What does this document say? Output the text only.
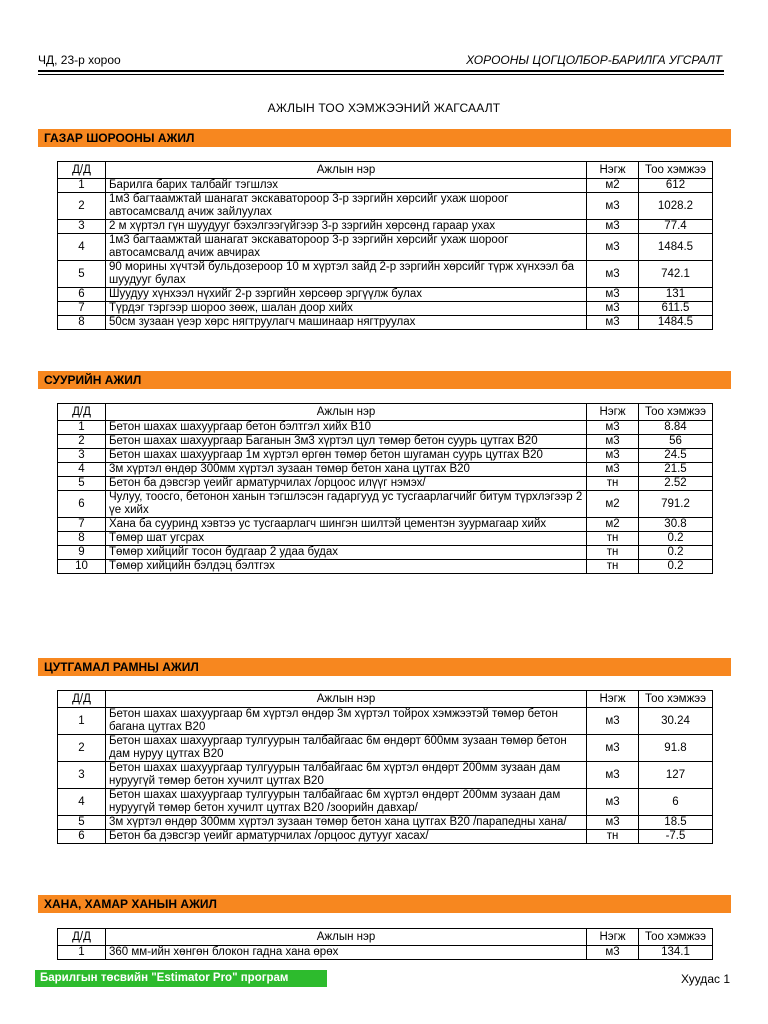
ЧД, 23-р хороо	ХОРООНЫ ЦОГЦОЛБОР-БАРИЛГА УГСРАЛТ
АЖЛЫН ТОО ХЭМЖЭЭНИЙ ЖАГСААЛТ
ГАЗАР ШОРООНЫ АЖИЛ
Д/Д	Ажлын нэр	Нэгж	Тоо хэмжээ
1	Барилга барих талбайг тэгшлэх	м2	612
2	1м3 багтаамжтай шанагат экскаватороор 3-р зэргийн хөрсийг ухаж шороог автосамсвалд ачиж зайлуулах	м3	1028.2
3	2 м хүртэл гүн шуудууг бэхэлгээгүйгээр 3-р зэргийн хөрсөнд гараар ухах	м3	77.4
4	1м3 багтаамжтай шанагат экскаватороор 3-р зэргийн хөрсийг ухаж шороог автосамсвалд ачиж авчирах	м3	1484.5
5	90 морины хүчтэй бульдозероор 10 м хүртэл зайд 2-р зэргийн хөрсийг түрж хүнхээл ба шуудууг булах	м3	742.1
6	Шуудуу хүнхээл нүхийг 2-р зэргийн хөрсөөр эргүүлж булах	м3	131
7	Түрдэг тэргээр шороо зөөж, шалан доор хийх	м3	611.5
8	50см зузаан үеэр хөрс нягтруулагч машинаар нягтруулах	м3	1484.5
СУУРИЙН АЖИЛ
Д/Д	Ажлын нэр	Нэгж	Тоо хэмжээ
1	Бетон шахах шахуургаар бетон бэлтгэл хийх В10	м3	8.84
2	Бетон шахах шахуургаар Баганын 3м3 хүртэл цул төмөр бетон суурь цутгах В20	м3	56
3	Бетон шахах шахуургаар 1м хүртэл өргөн төмөр бетон шугаман суурь цутгах В20	м3	24.5
4	3м хүртэл өндөр 300мм хүртэл зузаан төмөр бетон хана цутгах В20	м3	21.5
5	Бетон ба дэвсгэр үеийг арматурчилах /орцоос илүүг нэмэх/	тн	2.52
6	Чулуу, тоосго, бетонон ханын тэгшлэсэн гадаргууд ус тусгаарлагчийг битум түрхлэгээр 2 үе хийх	м2	791.2
7	Хана ба сууринд хэвтээ ус тусгаарлагч шингэн шилтэй цементэн зуурмагаар хийх	м2	30.8
8	Төмөр шат угсрах	тн	0.2
9	Төмөр хийцийг тосон будгаар 2 удаа будах	тн	0.2
10	Төмөр хийцийн бэлдэц бэлтгэх	тн	0.2
ЦУТГАМАЛ РАМНЫ АЖИЛ
Д/Д	Ажлын нэр	Нэгж	Тоо хэмжээ
1	Бетон шахах шахуургаар 6м хүртэл өндөр 3м хүртэл тойрох хэмжээтэй төмөр бетон багана цутгах В20	м3	30.24
2	Бетон шахах шахуургаар тулгуурын талбайгаас 6м өндөрт 600мм зузаан төмөр бетон дам нуруу цутгах В20	м3	91.8
3	Бетон шахах шахуургаар тулгуурын талбайгаас 6м хүртэл өндөрт 200мм зузаан дам нуруугүй төмөр бетон хучилт цутгах В20	м3	127
4	Бетон шахах шахуургаар тулгуурын талбайгаас 6м хүртэл өндөрт 200мм зузаан дам нуруугүй төмөр бетон хучилт цутгах В20 /зоорийн давхар/	м3	6
5	3м хүртэл өндөр 300мм хүртэл зузаан төмөр бетон хана цутгах В20 /парапедны хана/	м3	18.5
6	Бетон ба дэвсгэр үеийг арматурчилах /орцоос дутууг хасах/	тн	-7.5
ХАНА, ХАМАР ХАНЫН АЖИЛ
Д/Д	Ажлын нэр	Нэгж	Тоо хэмжээ
1	360 мм-ийн хөнгөн блокон гадна хана өрөх	м3	134.1
Барилгын төсвийн "Estimator Pro" програм	Хуудас 1
